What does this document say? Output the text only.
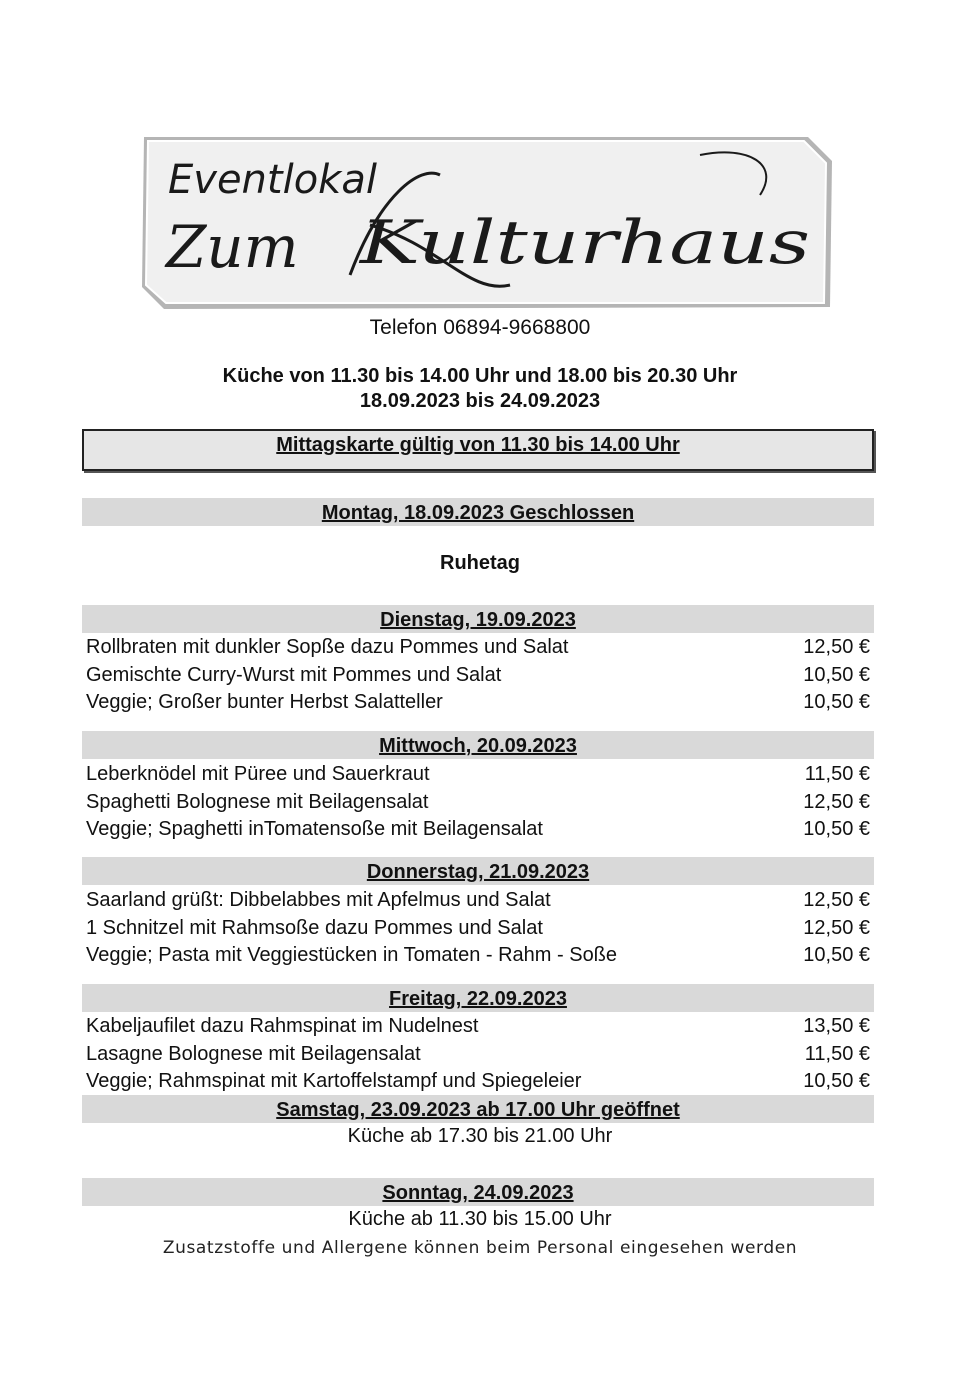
Eventlokal
Zum Kulturhaus
Telefon 06894-9668800
Küche von 11.30 bis 14.00 Uhr und 18.00 bis 20.30 Uhr
18.09.2023 bis 24.09.2023
Mittagskarte gültig von 11.30 bis 14.00 Uhr
Montag, 18.09.2023 Geschlossen
Ruhetag
Dienstag, 19.09.2023
Rollbraten mit dunkler Sopße dazu Pommes und Salat	12,50 €
Gemischte Curry-Wurst mit Pommes und Salat	10,50 €
Veggie; Großer bunter Herbst Salatteller	10,50 €
Mittwoch, 20.09.2023
Leberknödel mit Püree und Sauerkraut	11,50 €
Spaghetti Bolognese mit Beilagensalat	12,50 €
Veggie; Spaghetti inTomatensoße mit Beilagensalat	10,50 €
Donnerstag, 21.09.2023
Saarland grüßt: Dibbelabbes mit Apfelmus und Salat	12,50 €
1 Schnitzel mit Rahmsoße dazu Pommes und Salat	12,50 €
Veggie; Pasta mit Veggiestücken in Tomaten - Rahm - Soße	10,50 €
Freitag, 22.09.2023
Kabeljaufilet dazu Rahmspinat im Nudelnest	13,50 €
Lasagne Bolognese mit Beilagensalat	11,50 €
Veggie; Rahmspinat mit Kartoffelstampf und Spiegeleier	10,50 €
Samstag, 23.09.2023 ab 17.00 Uhr geöffnet
Küche ab 17.30 bis 21.00 Uhr
Sonntag, 24.09.2023
Küche ab 11.30 bis 15.00 Uhr
Zusatzstoffe und Allergene können beim Personal eingesehen werden
